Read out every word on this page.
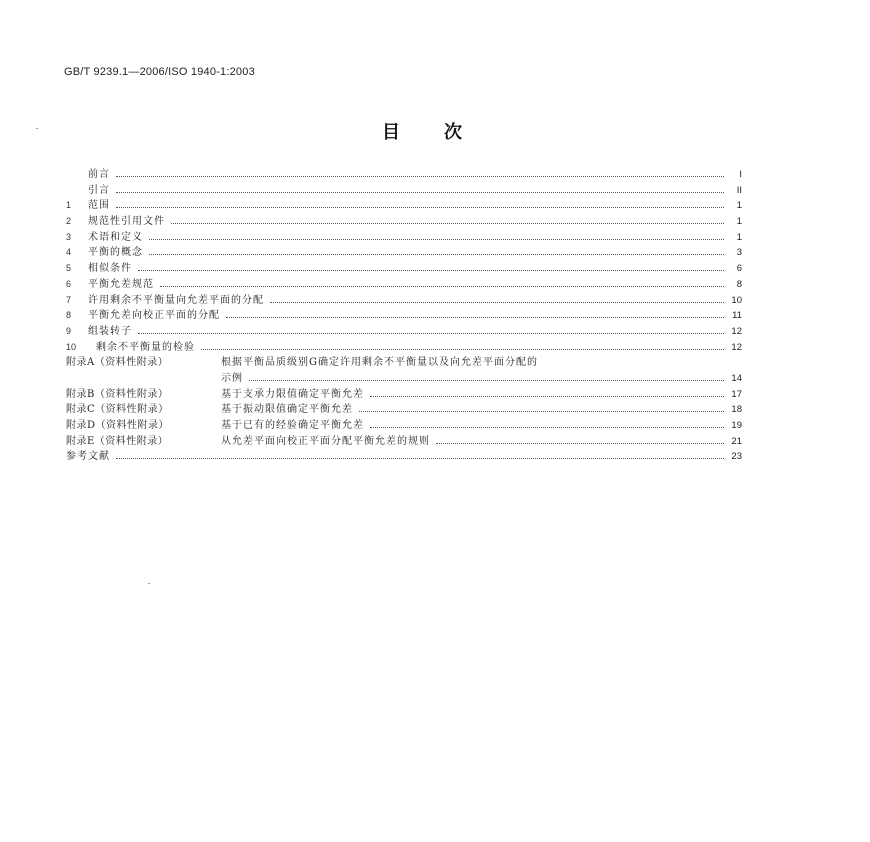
GB/T 9239.1—2006/ISO 1940-1:2003
目次
前言	I
引言	II
1	范围	1
2	规范性引用文件	1
3	术语和定义	1
4	平衡的概念	3
5	相似条件	6
6	平衡允差规范	8
7	许用剩余不平衡量向允差平面的分配	10
8	平衡允差向校正平面的分配	11
9	组装转子	12
10	剩余不平衡量的检验	12
附录A（资料性附录）	根据平衡品质级别G确定许用剩余不平衡量以及向允差平面分配的
示例	14
附录B（资料性附录）	基于支承力限值确定平衡允差	17
附录C（资料性附录）	基于振动限值确定平衡允差	18
附录D（资料性附录）	基于已有的经验确定平衡允差	19
附录E（资料性附录）	从允差平面向校正平面分配平衡允差的规则	21
参考文献	23
